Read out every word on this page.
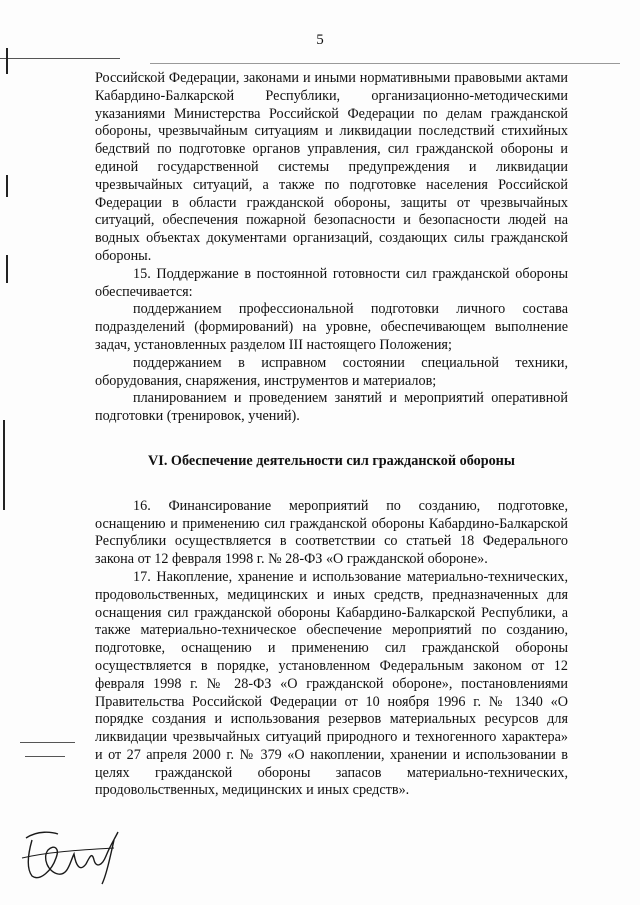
5

Российской Федерации, законами и иными нормативными правовыми актами Кабардино-Балкарской Республики, организационно-методическими указаниями Министерства Российской Федерации по делам гражданской обороны, чрезвычайным ситуациям и ликвидации последствий стихийных бедствий по подготовке органов управления, сил гражданской обороны и единой государственной системы предупреждения и ликвидации чрезвычайных ситуаций, а также по подготовке населения Российской Федерации в области гражданской обороны, защиты от чрезвычайных ситуаций, обеспечения пожарной безопасности и безопасности людей на водных объектах документами организаций, создающих силы гражданской обороны.

15. Поддержание в постоянной готовности сил гражданской обороны обеспечивается:

поддержанием профессиональной подготовки личного состава подразделений (формирований) на уровне, обеспечивающем выполнение задач, установленных разделом III настоящего Положения;

поддержанием в исправном состоянии специальной техники, оборудования, снаряжения, инструментов и материалов;

планированием и проведением занятий и мероприятий оперативной подготовки (тренировок, учений).

VI. Обеспечение деятельности сил гражданской обороны

16. Финансирование мероприятий по созданию, подготовке, оснащению и применению сил гражданской обороны Кабардино-Балкарской Республики осуществляется в соответствии со статьей 18 Федерального закона от 12 февраля 1998 г. № 28-ФЗ «О гражданской обороне».

17. Накопление, хранение и использование материально-технических, продовольственных, медицинских и иных средств, предназначенных для оснащения сил гражданской обороны Кабардино-Балкарской Республики, а также материально-техническое обеспечение мероприятий по созданию, подготовке, оснащению и применению сил гражданской обороны осуществляется в порядке, установленном Федеральным законом от 12 февраля 1998 г. № 28-ФЗ «О гражданской обороне», постановлениями Правительства Российской Федерации от 10 ноября 1996 г. № 1340 «О порядке создания и использования резервов материальных ресурсов для ликвидации чрезвычайных ситуаций природного и техногенного характера» и от 27 апреля 2000 г. № 379 «О накоплении, хранении и использовании в целях гражданской обороны запасов материально-технических, продовольственных, медицинских и иных средств».
